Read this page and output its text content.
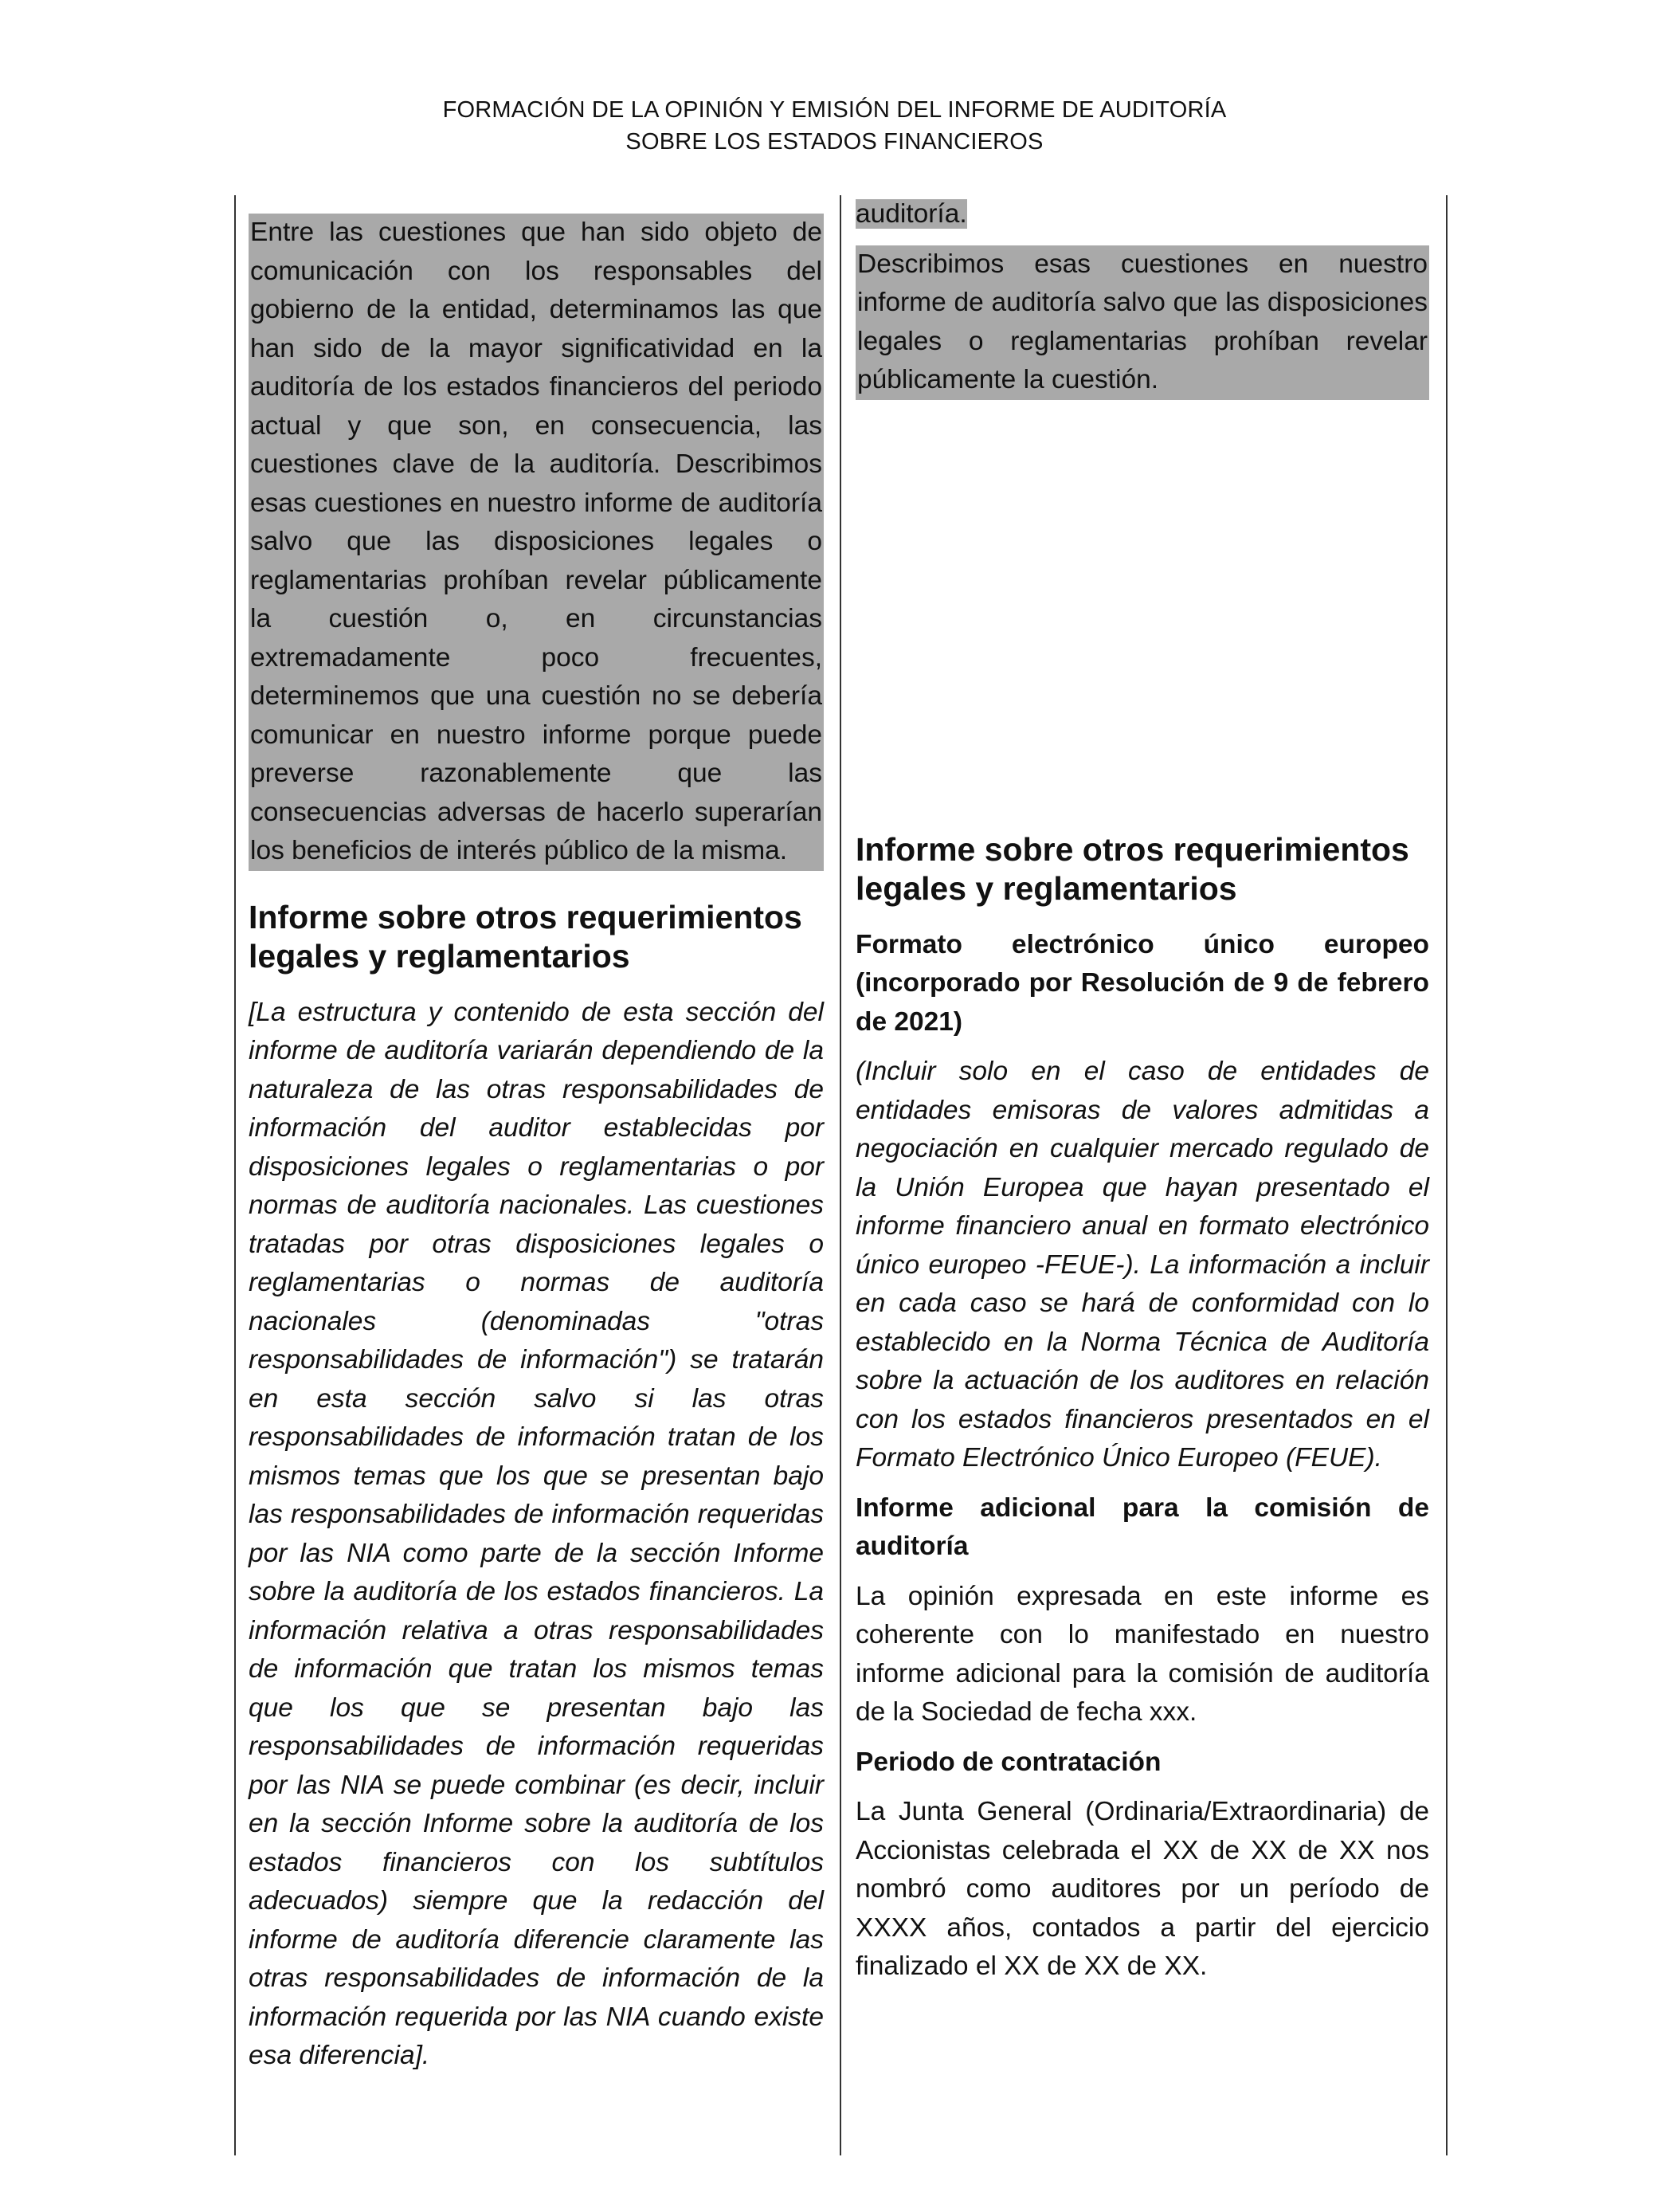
FORMACIÓN DE LA OPINIÓN Y EMISIÓN DEL INFORME DE AUDITORÍA
SOBRE LOS ESTADOS FINANCIEROS

Entre las cuestiones que han sido objeto de comunicación con los responsables del gobierno de la entidad, determinamos las que han sido de la mayor significatividad en la auditoría de los estados financieros del periodo actual y que son, en consecuencia, las cuestiones clave de la auditoría. Describimos esas cuestiones en nuestro informe de auditoría salvo que las disposiciones legales o reglamentarias prohíban revelar públicamente la cuestión o, en circunstancias extremadamente poco frecuentes, determinemos que una cuestión no se debería comunicar en nuestro informe porque puede preverse razonablemente que las consecuencias adversas de hacerlo superarían los beneficios de interés público de la misma.

Informe sobre otros requerimientos legales y reglamentarios

[La estructura y contenido de esta sección del informe de auditoría variarán dependiendo de la naturaleza de las otras responsabilidades de información del auditor establecidas por disposiciones legales o reglamentarias o por normas de auditoría nacionales. Las cuestiones tratadas por otras disposiciones legales o reglamentarias o normas de auditoría nacionales (denominadas "otras responsabilidades de información") se tratarán en esta sección salvo si las otras responsabilidades de información tratan de los mismos temas que los que se presentan bajo las responsabilidades de información requeridas por las NIA como parte de la sección Informe sobre la auditoría de los estados financieros. La información relativa a otras responsabilidades de información que tratan los mismos temas que los que se presentan bajo las responsabilidades de información requeridas por las NIA se puede combinar (es decir, incluir en la sección Informe sobre la auditoría de los estados financieros con los subtítulos adecuados) siempre que la redacción del informe de auditoría diferencie claramente las otras responsabilidades de información de la información requerida por las NIA cuando existe esa diferencia].

auditoría.

Describimos esas cuestiones en nuestro informe de auditoría salvo que las disposiciones legales o reglamentarias prohíban revelar públicamente la cuestión.

Informe sobre otros requerimientos legales y reglamentarios

Formato electrónico único europeo (incorporado por Resolución de 9 de febrero de 2021)

(Incluir solo en el caso de entidades de entidades emisoras de valores admitidas a negociación en cualquier mercado regulado de la Unión Europea que hayan presentado el informe financiero anual en formato electrónico único europeo -FEUE-). La información a incluir en cada caso se hará de conformidad con lo establecido en la Norma Técnica de Auditoría sobre la actuación de los auditores en relación con los estados financieros presentados en el Formato Electrónico Único Europeo (FEUE).

Informe adicional para la comisión de auditoría

La opinión expresada en este informe es coherente con lo manifestado en nuestro informe adicional para la comisión de auditoría de la Sociedad de fecha xxx.

Periodo de contratación

La Junta General (Ordinaria/Extraordinaria) de Accionistas celebrada el XX de XX de XX nos nombró como auditores por un período de XXXX años, contados a partir del ejercicio finalizado el XX de XX de XX.
